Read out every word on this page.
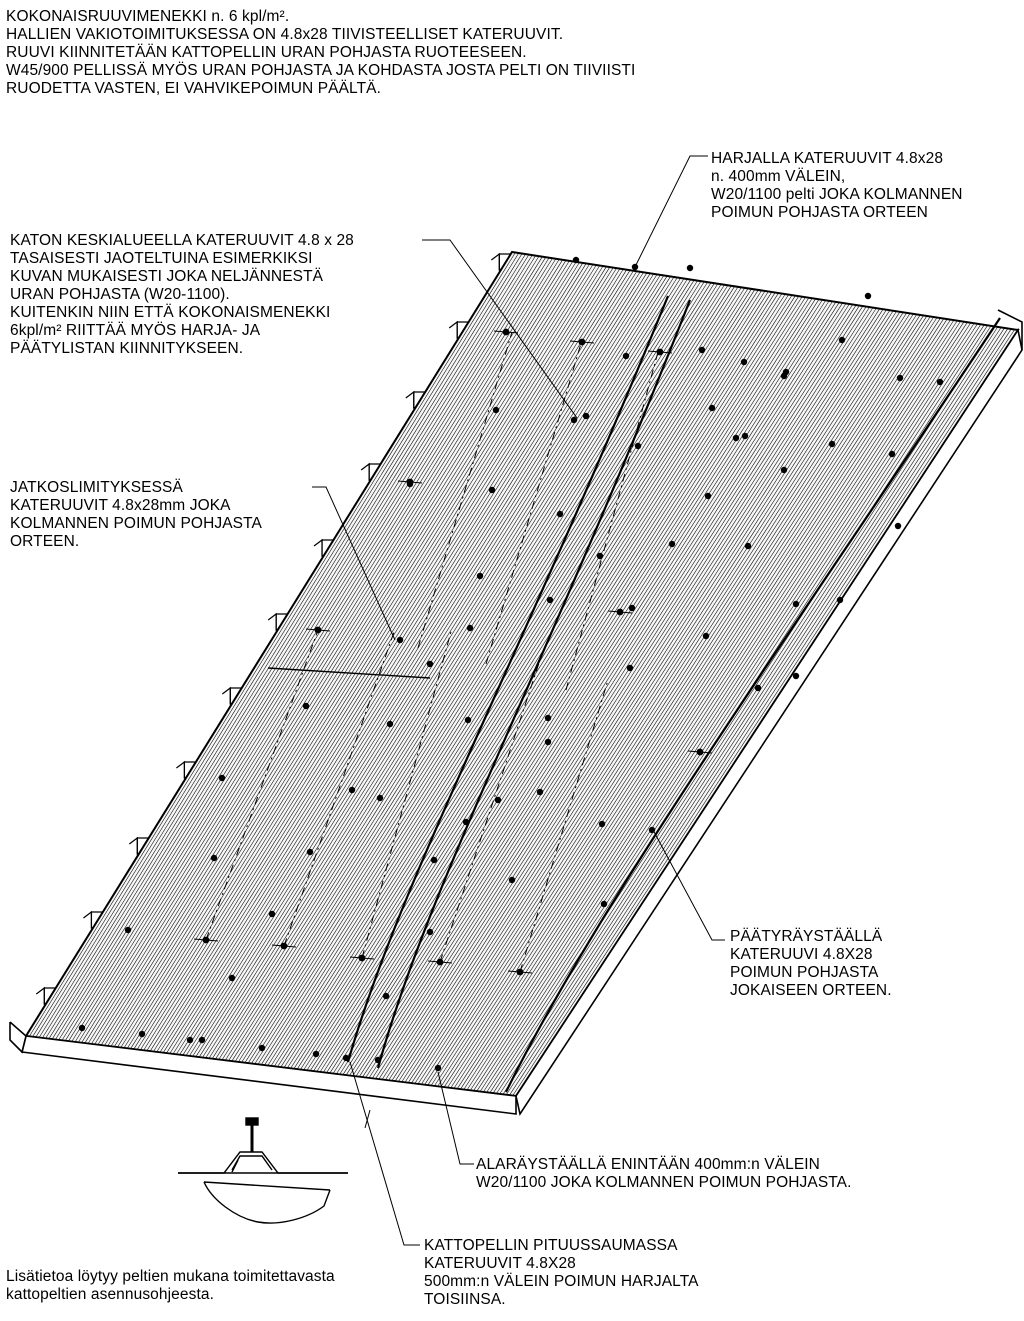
KOKONAISRUUVIMENEKKI n. 6 kpl/m².
HALLIEN VAKIOTOIMITUKSESSA ON 4.8x28 TIIVISTEELLISET KATERUUVIT.
RUUVI KIINNITETÄÄN KATTOPELLIN URAN POHJASTA RUOTEESEEN.
W45/900 PELLISSÄ MYÖS URAN POHJASTA JA KOHDASTA JOSTA PELTI ON TIIVIISTI
RUODETTA VASTEN, EI VAHVIKEPOIMUN PÄÄLTÄ.
HARJALLA KATERUUVIT 4.8x28
n. 400mm VÄLEIN,
W20/1100 pelti JOKA KOLMANNEN
POIMUN POHJASTA ORTEEN
KATON KESKIALUEELLA KATERUUVIT 4.8 x 28
TASAISESTI JAOTELTUINA ESIMERKIKSI
KUVAN MUKAISESTI JOKA NELJÄNNESTÄ
URAN POHJASTA (W20-1100).
KUITENKIN NIIN ETTÄ KOKONAISMENEKKI
6kpl/m² RIITTÄÄ MYÖS HARJA- JA
PÄÄTYLISTAN KIINNITYKSEEN.
JATKOSLIMITYKSESSÄ
KATERUUVIT 4.8x28mm JOKA
KOLMANNEN POIMUN POHJASTA
ORTEEN.
PÄÄTYRÄYSTÄÄLLÄ
KATERUUVI 4.8X28
POIMUN POHJASTA
JOKAISEEN ORTEEN.
ALARÄYSTÄÄLLÄ ENINTÄÄN 400mm:n VÄLEIN
W20/1100 JOKA KOLMANNEN POIMUN POHJASTA.
KATTOPELLIN PITUUSSAUMASSA
KATERUUVIT 4.8X28
500mm:n VÄLEIN POIMUN HARJALTA
TOISIINSA.
Lisätietoa löytyy peltien mukana toimitettavasta
kattopeltien asennusohjeesta.
